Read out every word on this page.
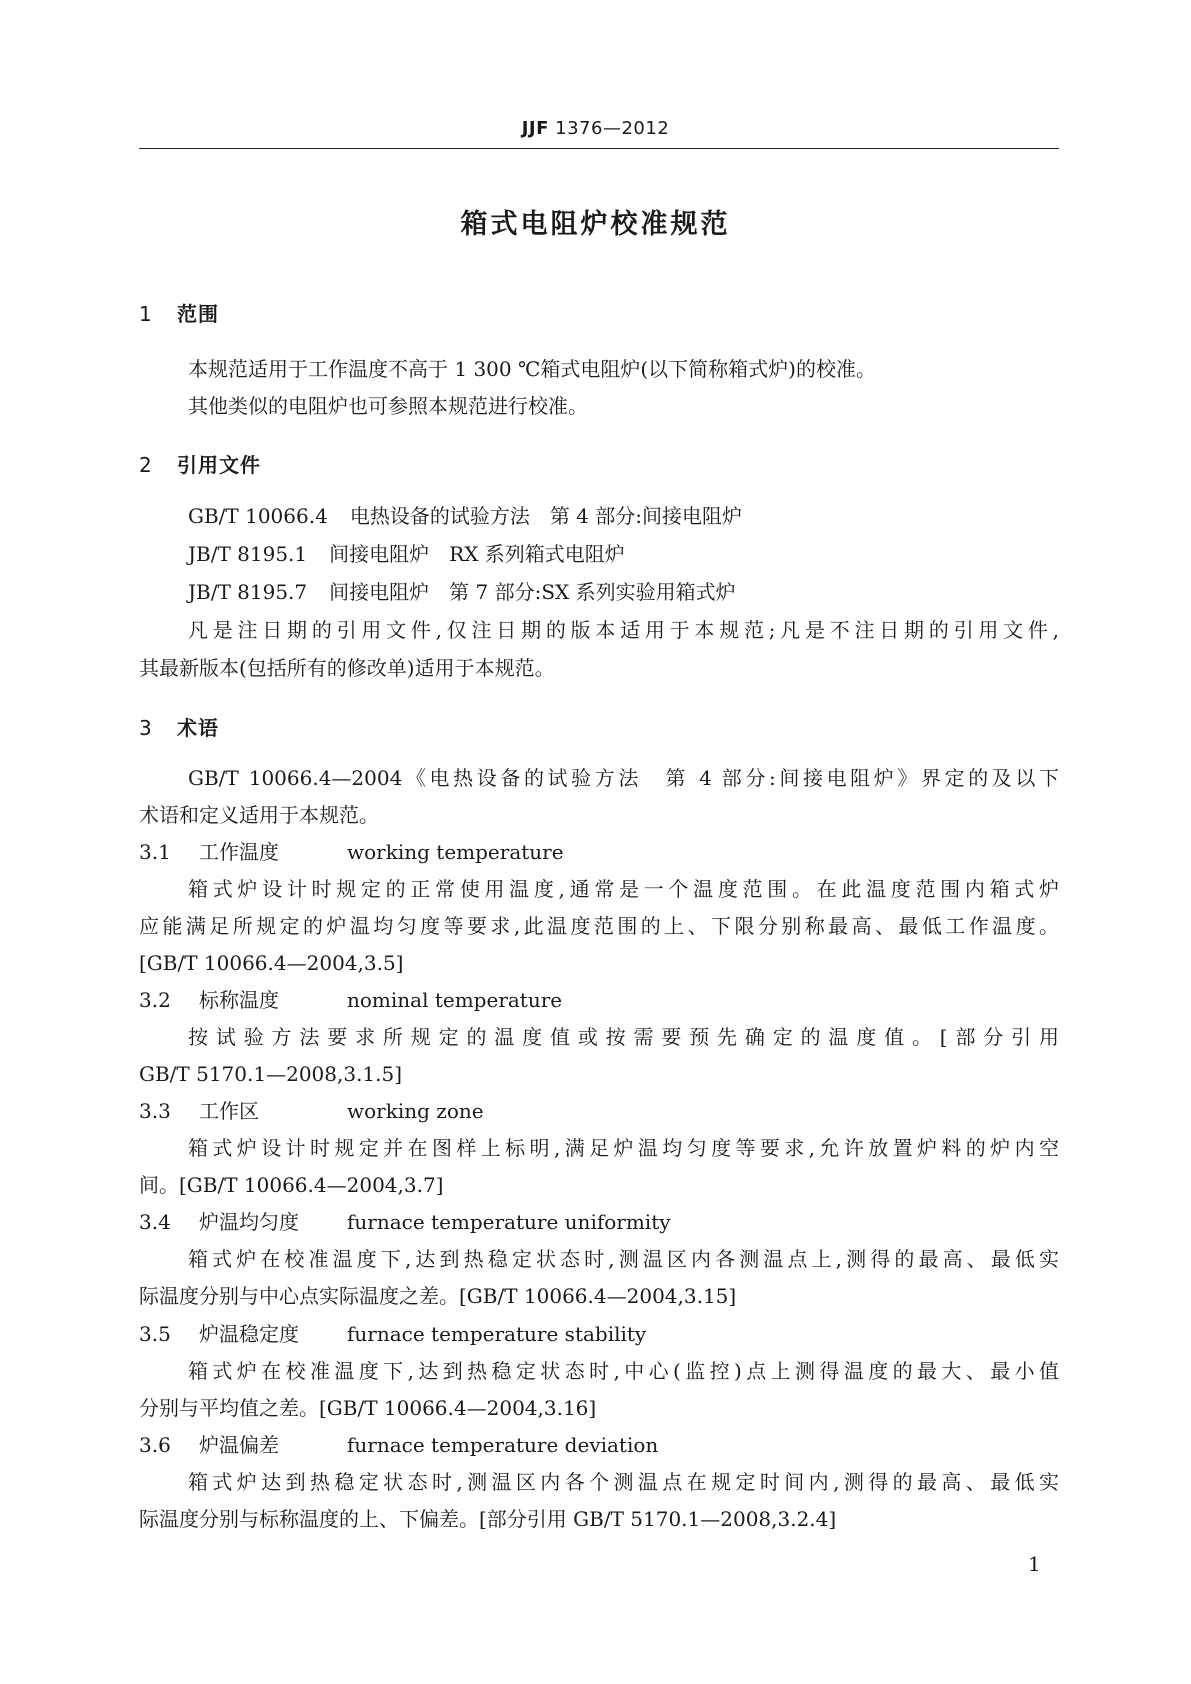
JJF 1376—2012
箱式电阻炉校准规范
1 范围
本规范适用于工作温度不高于 1 300 ℃箱式电阻炉(以下简称箱式炉)的校准。
其他类似的电阻炉也可参照本规范进行校准。
2 引用文件
GB/T 10066.4 电热设备的试验方法　第 4 部分:间接电阻炉
JB/T 8195.1 间接电阻炉　RX 系列箱式电阻炉
JB/T 8195.7 间接电阻炉　第 7 部分:SX 系列实验用箱式炉
凡是注日期的引用文件,仅注日期的版本适用于本规范;凡是不注日期的引用文件,
其最新版本(包括所有的修改单)适用于本规范。
3 术语
GB/T 10066.4—2004《电热设备的试验方法　第 4 部分:间接电阻炉》界定的及以下
术语和定义适用于本规范。
3.1 工作温度	working temperature
箱式炉设计时规定的正常使用温度,通常是一个温度范围。在此温度范围内箱式炉
应能满足所规定的炉温均匀度等要求,此温度范围的上、下限分别称最高、最低工作温度。
[GB/T 10066.4—2004,3.5]
3.2 标称温度	nominal temperature
按试验方法要求所规定的温度值或按需要预先确定的温度值。[部分引用
GB/T 5170.1—2008,3.1.5]
3.3 工作区	working zone
箱式炉设计时规定并在图样上标明,满足炉温均匀度等要求,允许放置炉料的炉内空
间。[GB/T 10066.4—2004,3.7]
3.4 炉温均匀度 furnace temperature uniformity
箱式炉在校准温度下,达到热稳定状态时,测温区内各测温点上,测得的最高、最低实
际温度分别与中心点实际温度之差。[GB/T 10066.4—2004,3.15]
3.5 炉温稳定度 furnace temperature stability
箱式炉在校准温度下,达到热稳定状态时,中心(监控)点上测得温度的最大、最小值
分别与平均值之差。[GB/T 10066.4—2004,3.16]
3.6 炉温偏差	furnace temperature deviation
箱式炉达到热稳定状态时,测温区内各个测温点在规定时间内,测得的最高、最低实
际温度分别与标称温度的上、下偏差。[部分引用 GB/T 5170.1—2008,3.2.4]
1
